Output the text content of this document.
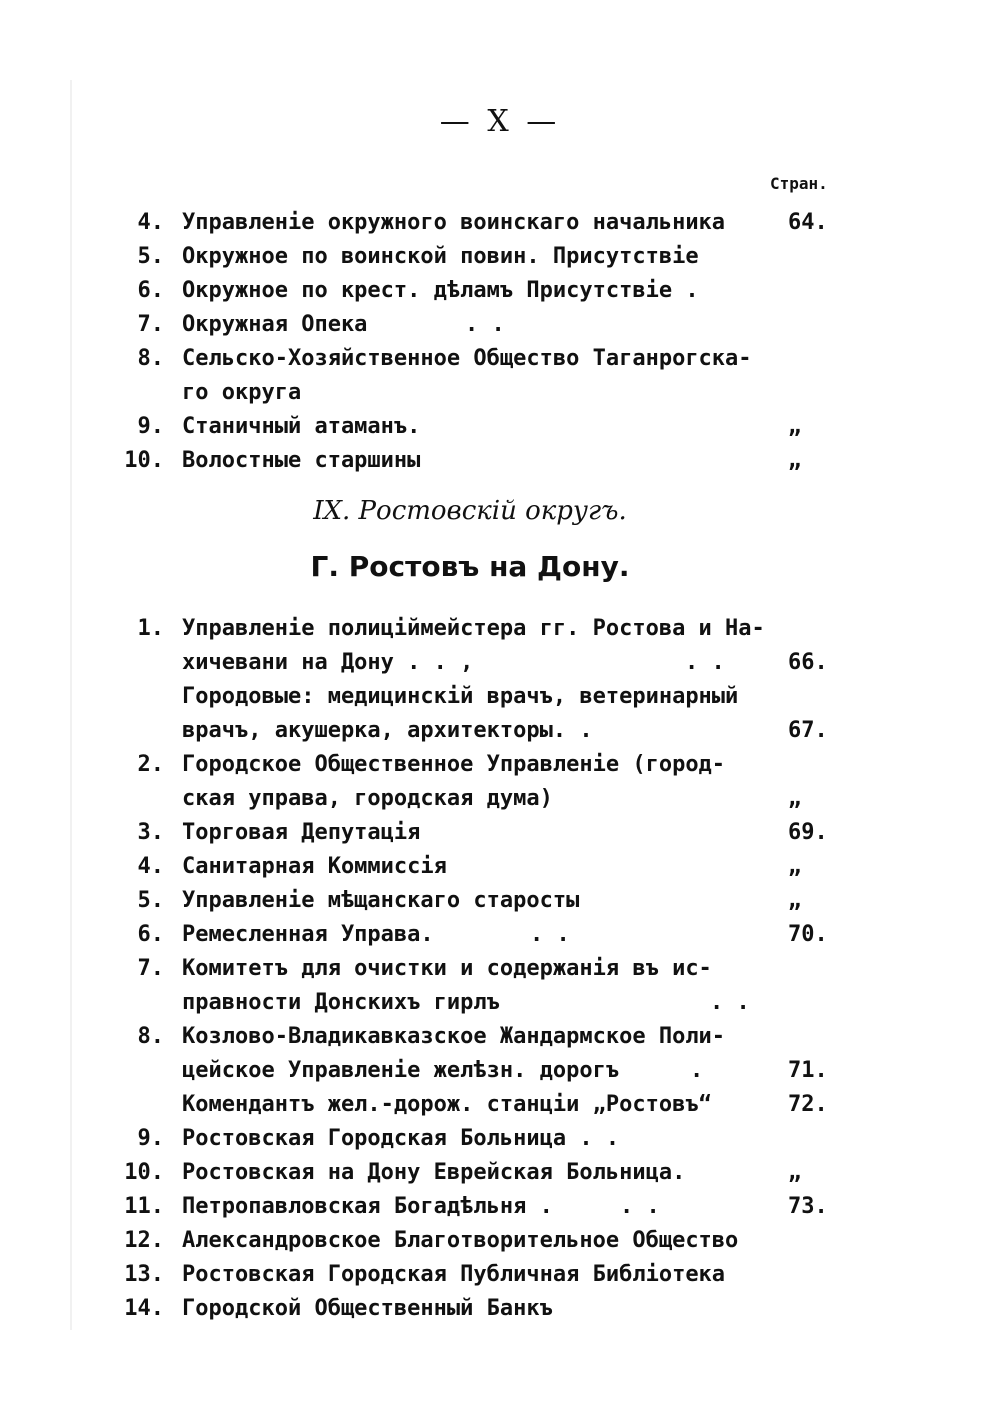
— X —
Стран.
4. Управленіе окружного воинскаго начальника	64.
5. Окружное по воинской повин. Присутствіе
6. Окружное по крест. дѣламъ Присутствіе .
7. Окружная Опека	. .
8. Сельско-Хозяйственное Общество Таганрогска-
го округа
9. Станичный атаманъ.	„
10. Волостные старшины	„
IX. Ростовскій округъ.
Г. Ростовъ на Дону.
1. Управленіе полиціймейстера гг. Ростова и На-
хичевани на Дону . . ,	. .	66.
Городовые: медицинскій врачъ, ветеринарный
врачъ, акушерка, архитекторы. .	67.
2. Городское Общественное Управленіе (город-
ская управа, городская дума)	„
3. Торговая Депутація	69.
4. Санитарная Коммиссія	„
5. Управленіе мѣщанскаго старосты	„
6. Ремесленная Управа.	. .	70.
7. Комитетъ для очистки и содержанія въ ис-
правности Донскихъ гирлъ	. .
8. Козлово-Владикавказское Жандармское Поли-
цейское Управленіе желѣзн. дорогъ	.	71.
Комендантъ жел.-дорож. станціи „Ростовъ“	72.
9. Ростовская Городская Больница . .
10. Ростовская на Дону Еврейская Больница.	„
11. Петропавловская Богадѣльня .	. .	73.
12. Александровское Благотворительное Общество
13. Ростовская Городская Публичная Библіотека
14. Городской Общественный Банкъ
